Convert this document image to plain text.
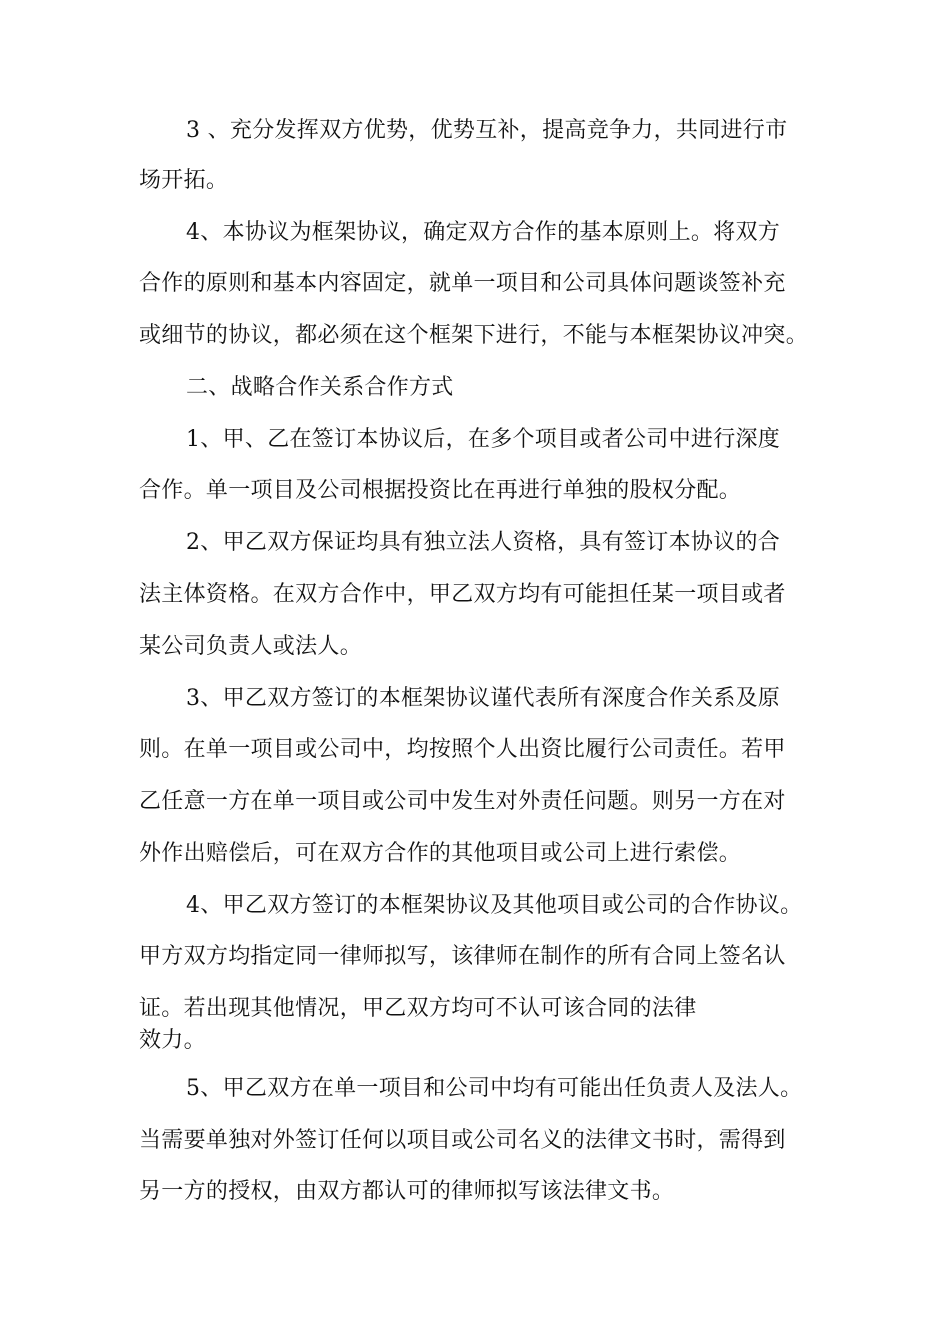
3 、充分发挥双方优势，优势互补，提高竞争力，共同进行市
场开拓。
4、本协议为框架协议，确定双方合作的基本原则上。将双方
合作的原则和基本内容固定，就单一项目和公司具体问题谈签补充
或细节的协议，都必须在这个框架下进行，不能与本框架协议冲突。
二、战略合作关系合作方式
1、甲、乙在签订本协议后，在多个项目或者公司中进行深度
合作。单一项目及公司根据投资比在再进行单独的股权分配。
2、甲乙双方保证均具有独立法人资格，具有签订本协议的合
法主体资格。在双方合作中，甲乙双方均有可能担任某一项目或者
某公司负责人或法人。
3、甲乙双方签订的本框架协议谨代表所有深度合作关系及原
则。在单一项目或公司中，均按照个人出资比履行公司责任。若甲
乙任意一方在单一项目或公司中发生对外责任问题。则另一方在对
外作出赔偿后，可在双方合作的其他项目或公司上进行索偿。
4、甲乙双方签订的本框架协议及其他项目或公司的合作协议。
甲方双方均指定同一律师拟写，该律师在制作的所有合同上签名认
证。若出现其他情况，甲乙双方均可不认可该合同的法律
效力。
5、甲乙双方在单一项目和公司中均有可能出任负责人及法人。
当需要单独对外签订任何以项目或公司名义的法律文书时，需得到
另一方的授权，由双方都认可的律师拟写该法律文书。
